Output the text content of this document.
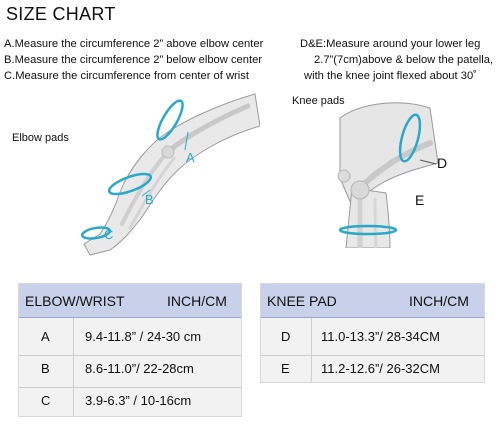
SIZE CHART
A.Measure the circumference 2” above elbow center
B.Measure the circumference 2” below elbow center
C.Measure the circumference from center of wrist
D&E:Measure around your lower leg
2.7”(7cm)above & below the patella,
with the knee joint flexed about 30˚
Elbow pads
A
B
C
Knee pads
D
E
ELBOW/WRIST	INCH/CM
A	9.4-11.8” / 24-30 cm
B	8.6-11.0”/ 22-28cm
C	3.9-6.3” / 10-16cm
KNEE PAD	INCH/CM
D 11.0-13.3”/ 28-34CM
E 11.2-12.6”/ 26-32CM
